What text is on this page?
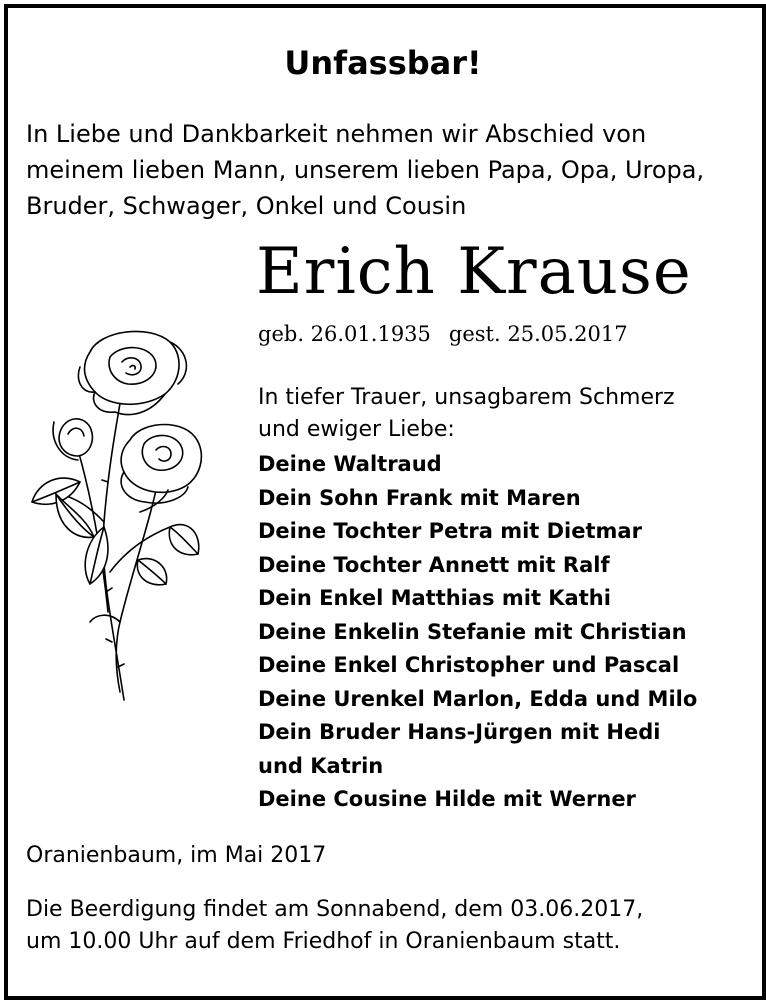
Unfassbar!

In Liebe und Dankbarkeit nehmen wir Abschied von
meinem lieben Mann, unserem lieben Papa, Opa, Uropa,
Bruder, Schwager, Onkel und Cousin

Erich Krause
geb. 26.01.1935 gest. 25.05.2017

In tiefer Trauer, unsagbarem Schmerz
und ewiger Liebe:

Deine Waltraud
Dein Sohn Frank mit Maren
Deine Tochter Petra mit Dietmar
Deine Tochter Annett mit Ralf
Dein Enkel Matthias mit Kathi
Deine Enkelin Stefanie mit Christian
Deine Enkel Christopher und Pascal
Deine Urenkel Marlon, Edda und Milo
Dein Bruder Hans-Jürgen mit Hedi
und Katrin
Deine Cousine Hilde mit Werner
Oranienbaum, im Mai 2017

Die Beerdigung findet am Sonnabend, dem 03.06.2017,
um 10.00 Uhr auf dem Friedhof in Oranienbaum statt.
